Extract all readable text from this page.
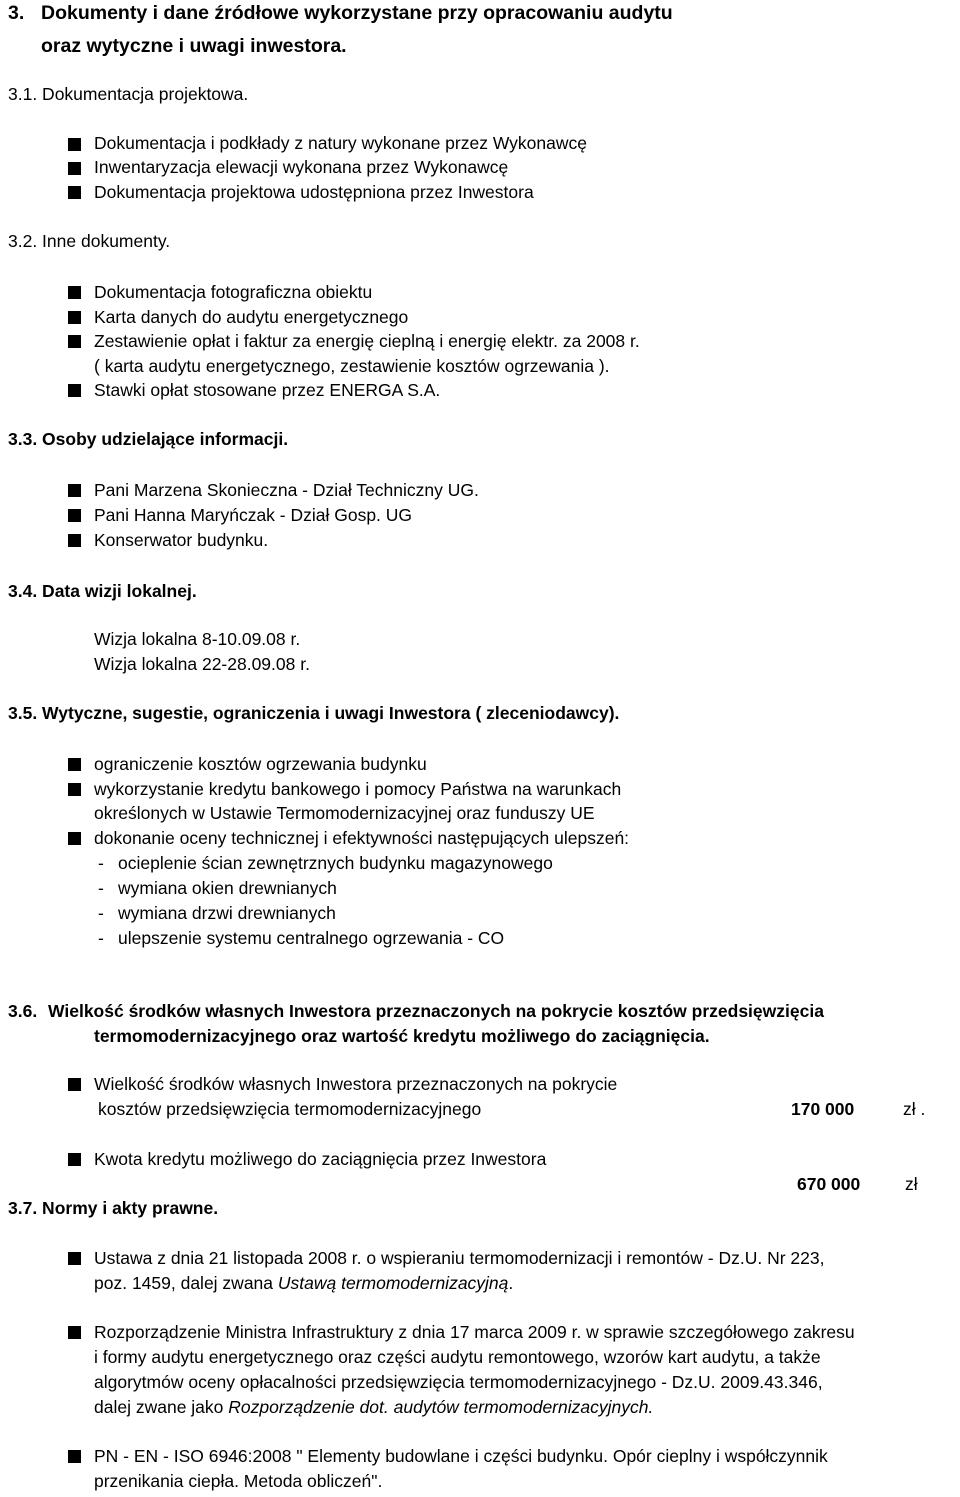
3. Dokumenty i dane źródłowe wykorzystane przy opracowaniu audytu
oraz wytyczne i uwagi inwestora.
3.1. Dokumentacja projektowa.
Dokumentacja i podkłady z natury wykonane przez Wykonawcę
Inwentaryzacja elewacji wykonana przez Wykonawcę
Dokumentacja projektowa udostępniona przez Inwestora
3.2. Inne dokumenty.
Dokumentacja fotograficzna obiektu
Karta danych do audytu energetycznego
Zestawienie opłat i faktur za energię cieplną i energię elektr. za 2008 r.
( karta audytu energetycznego, zestawienie kosztów ogrzewania ).
Stawki opłat stosowane przez ENERGA S.A.
3.3. Osoby udzielające informacji.
Pani Marzena Skonieczna - Dział Techniczny UG.
Pani Hanna Maryńczak - Dział Gosp. UG
Konserwator budynku.
3.4. Data wizji lokalnej.
Wizja lokalna 8-10.09.08 r.
Wizja lokalna 22-28.09.08 r.
3.5. Wytyczne, sugestie, ograniczenia i uwagi Inwestora ( zleceniodawcy).
ograniczenie kosztów ogrzewania budynku
wykorzystanie kredytu bankowego i pomocy Państwa na warunkach
określonych w Ustawie Termomodernizacyjnej oraz funduszy UE
dokonanie oceny technicznej i efektywności następujących ulepszeń:
- ocieplenie ścian zewnętrznych budynku magazynowego
- wymiana okien drewnianych
- wymiana drzwi drewnianych
- ulepszenie systemu centralnego ogrzewania - CO
3.6. Wielkość środków własnych Inwestora przeznaczonych na pokrycie kosztów przedsięwzięcia
termomodernizacyjnego oraz wartość kredytu możliwego do zaciągnięcia.
Wielkość środków własnych Inwestora przeznaczonych na pokrycie
kosztów przedsięwzięcia termomodernizacyjnego	170 000	zł .
Kwota kredytu możliwego do zaciągnięcia przez Inwestora
670 000	zł
3.7. Normy i akty prawne.
Ustawa z dnia 21 listopada 2008 r. o wspieraniu termomodernizacji i remontów - Dz.U. Nr 223,
poz. 1459, dalej zwana Ustawą termomodernizacyjną.
Rozporządzenie Ministra Infrastruktury z dnia 17 marca 2009 r. w sprawie szczegółowego zakresu
i formy audytu energetycznego oraz części audytu remontowego, wzorów kart audytu, a także
algorytmów oceny opłacalności przedsięwzięcia termomodernizacyjnego - Dz.U. 2009.43.346,
dalej zwane jako Rozporządzenie dot. audytów termomodernizacyjnych.
PN - EN - ISO 6946:2008 " Elementy budowlane i części budynku. Opór cieplny i współczynnik
przenikania ciepła. Metoda obliczeń".
